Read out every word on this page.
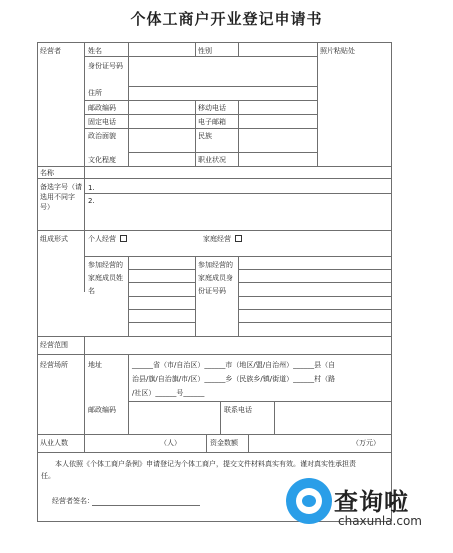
个体工商户开业登记申请书
经营者	姓名	性别	照片粘贴处
身份证号码
住所
邮政编码	移动电话
固定电话	电子邮箱
政治面貌	民族
文化程度	职业状况
名称
备选字号（请选用不同字号）
1.
2.
组成形式	个人经营	家庭经营
参加经营的家庭成员姓名
参加经营的家庭成员身份证号码
经营范围
经营场所	地址	______省（市/自治区）______市（地区/盟/自治州）______县（自
治县/旗/自治旗/市/区）______乡（民族乡/镇/街道）______村（路
/社区）______号______
邮政编码	联系电话
从业人数	（人）	资金数额	（万元）
本人依照《个体工商户条例》申请登记为个体工商户，提交文件材料真实有效。谨对真实性承担责任。
经营者签名：	查询啦
chaxunla.com
